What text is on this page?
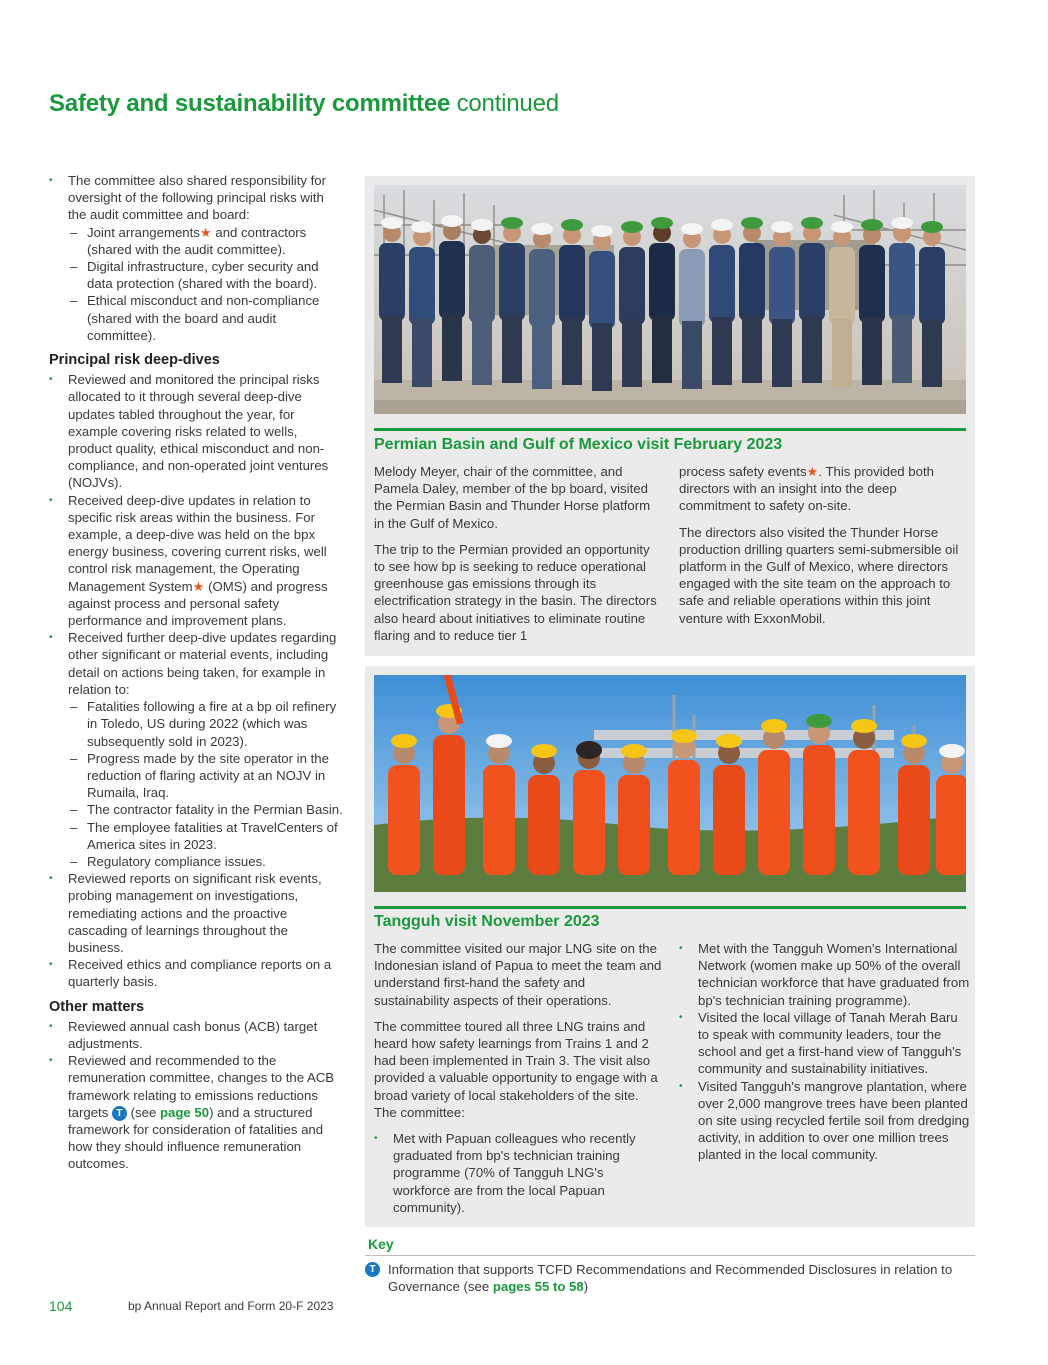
Safety and sustainability committee continued
• The committee also shared responsibility for oversight of the following principal risks with the audit committee and board:
– Joint arrangements★ and contractors (shared with the audit committee).
– Digital infrastructure, cyber security and data protection (shared with the board).
– Ethical misconduct and non-compliance (shared with the board and audit committee).
Principal risk deep-dives
• Reviewed and monitored the principal risks allocated to it through several deep-dive updates tabled throughout the year, for example covering risks related to wells, product quality, ethical misconduct and non-compliance, and non-operated joint ventures (NOJVs).
• Received deep-dive updates in relation to specific risk areas within the business. For example, a deep-dive was held on the bpx energy business, covering current risks, well control risk management, the Operating Management System★ (OMS) and progress against process and personal safety performance and improvement plans.
• Received further deep-dive updates regarding other significant or material events, including detail on actions being taken, for example in relation to:
– Fatalities following a fire at a bp oil refinery in Toledo, US during 2022 (which was subsequently sold in 2023).
– Progress made by the site operator in the reduction of flaring activity at an NOJV in Rumaila, Iraq.
– The contractor fatality in the Permian Basin.
– The employee fatalities at TravelCenters of America sites in 2023.
– Regulatory compliance issues.
• Reviewed reports on significant risk events, probing management on investigations, remediating actions and the proactive cascading of learnings throughout the business.
• Received ethics and compliance reports on a quarterly basis.
Other matters
• Reviewed annual cash bonus (ACB) target adjustments.
• Reviewed and recommended to the remuneration committee, changes to the ACB framework relating to emissions reductions targets T (see page 50) and a structured framework for consideration of fatalities and how they should influence remuneration outcomes.
Permian Basin and Gulf of Mexico visit February 2023

Melody Meyer, chair of the committee, and Pamela Daley, member of the bp board, visited the Permian Basin and Thunder Horse platform in the Gulf of Mexico.

The trip to the Permian provided an opportunity to see how bp is seeking to reduce operational greenhouse gas emissions through its electrification strategy in the basin. The directors also heard about initiatives to eliminate routine flaring and to reduce tier 1

process safety events★. This provided both directors with an insight into the deep commitment to safety on-site.

The directors also visited the Thunder Horse production drilling quarters semi-submersible oil platform in the Gulf of Mexico, where directors engaged with the site team on the approach to safe and reliable operations within this joint venture with ExxonMobil.

Tangguh visit November 2023

The committee visited our major LNG site on the Indonesian island of Papua to meet the team and understand first-hand the safety and sustainability aspects of their operations.

The committee toured all three LNG trains and heard how safety learnings from Trains 1 and 2 had been implemented in Train 3. The visit also provided a valuable opportunity to engage with a broad variety of local stakeholders of the site. The committee:

• Met with Papuan colleagues who recently graduated from bp's technician training programme (70% of Tangguh LNG's workforce are from the local Papuan community).
• Met with the Tangguh Women's International Network (women make up 50% of the overall technician workforce that have graduated from bp's technician training programme).
• Visited the local village of Tanah Merah Baru to speak with community leaders, tour the school and get a first-hand view of Tangguh's community and sustainability initiatives.
• Visited Tangguh's mangrove plantation, where over 2,000 mangrove trees have been planted on site using recycled fertile soil from dredging activity, in addition to over one million trees planted in the local community.
Key
T Information that supports TCFD Recommendations and Recommended Disclosures in relation to Governance (see pages 55 to 58)
104	bp Annual Report and Form 20-F 2023
